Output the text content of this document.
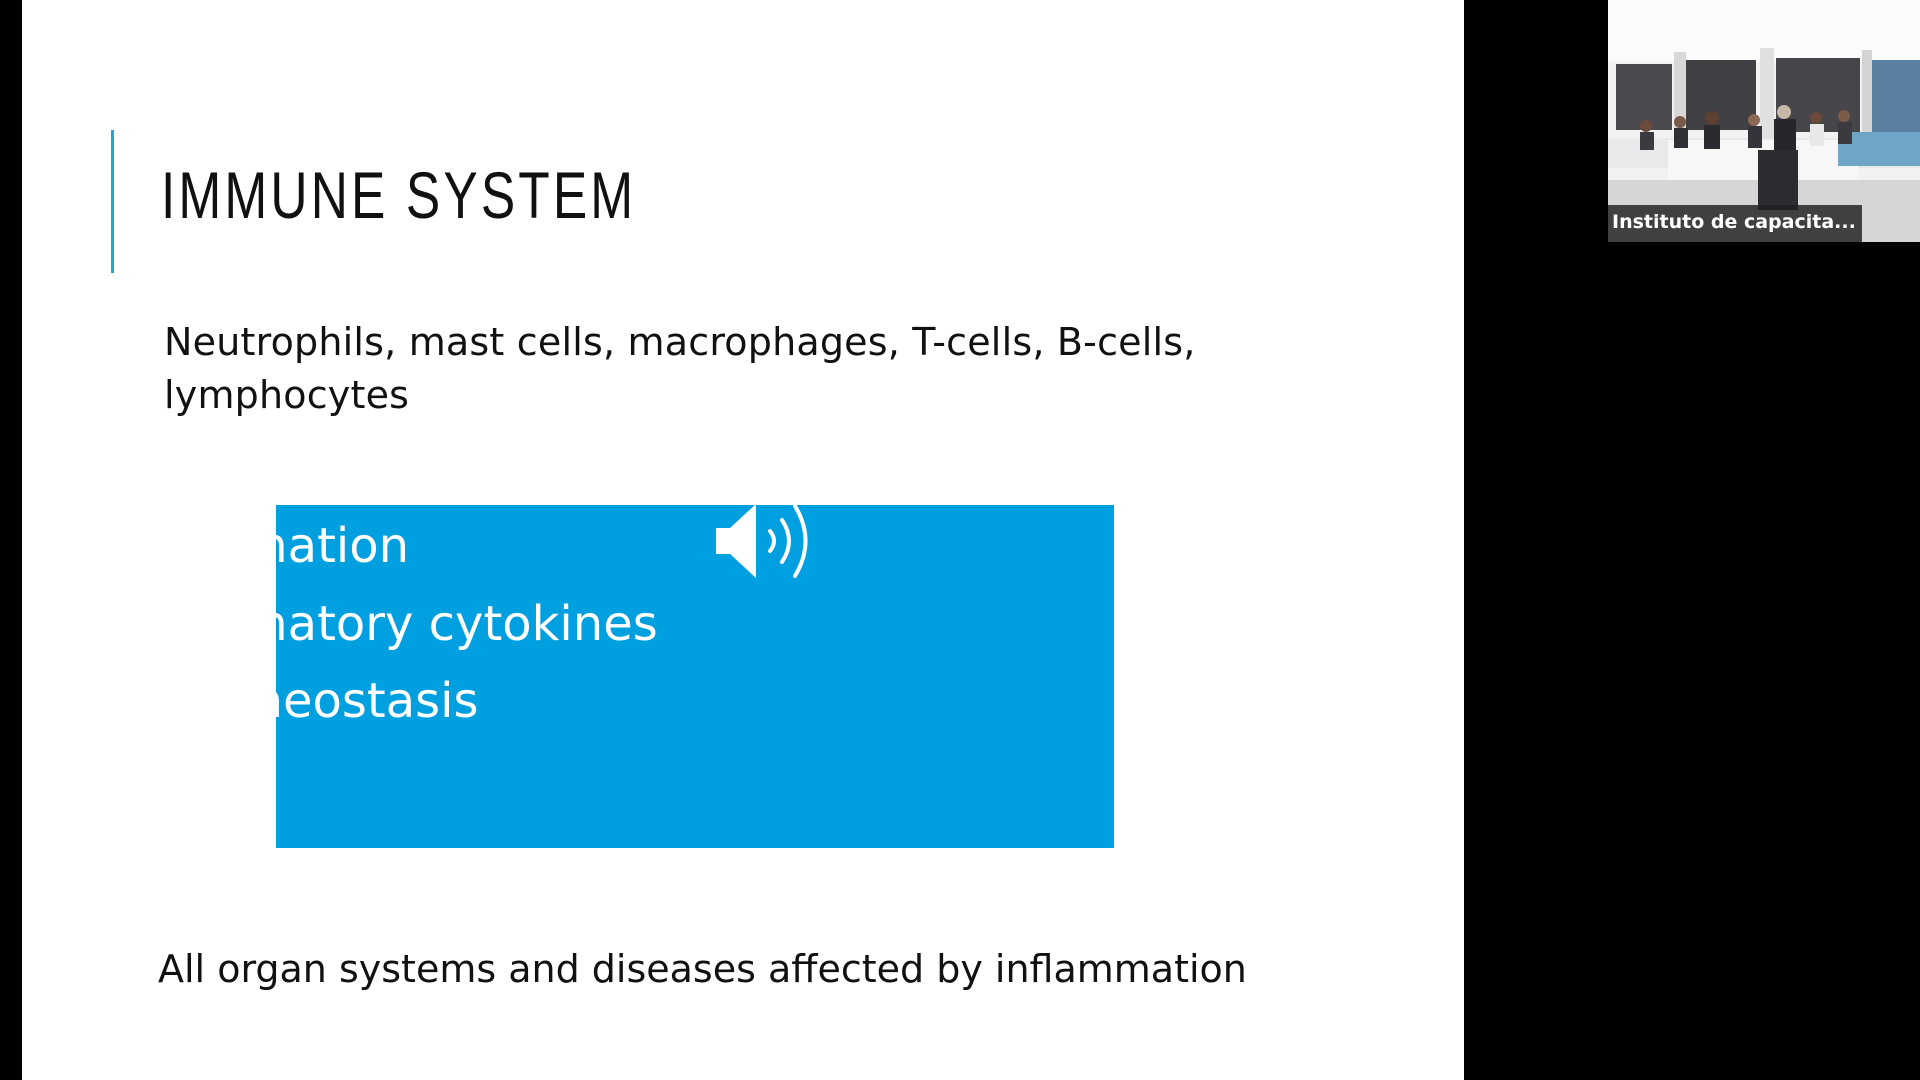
IMMUNE SYSTEM

Neutrophils, mast cells, macrophages, T-cells, B-cells, lymphocytes

↓ Inflammation
↓ Inflammatory cytokines
T cell homeostasis

All organ systems and diseases affected by inflammation

Instituto de capacita...
